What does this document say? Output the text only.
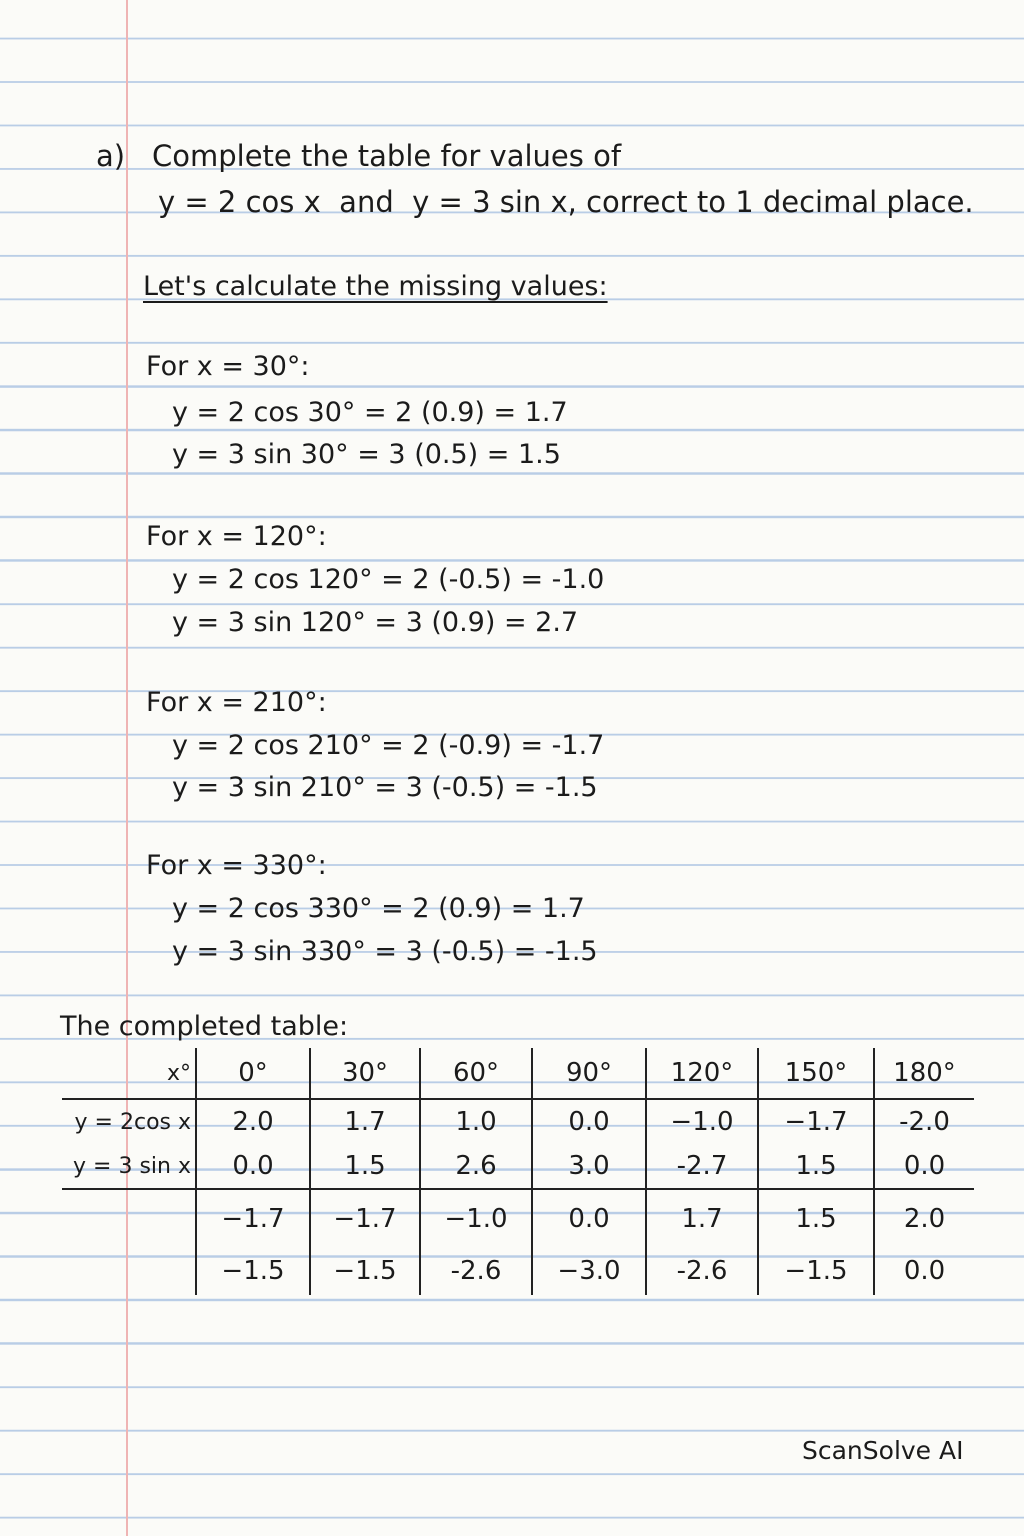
a) Complete the table for values of
y = 2 cos x  and  y = 3 sin x, correct to 1 decimal place.
Let's calculate the missing values:
For x = 30°:
y = 2 cos 30° = 2 (0.9) = 1.7
y = 3 sin 30° = 3 (0.5) = 1.5
For x = 120°:
y = 2 cos 120° = 2 (-0.5) = -1.0
y = 3 sin 120° = 3 (0.9) = 2.7
For x = 210°:
y = 2 cos 210° = 2 (-0.9) = -1.7
y = 3 sin 210° = 3 (-0.5) = -1.5
For x = 330°:
y = 2 cos 330° = 2 (0.9) = 1.7
y = 3 sin 330° = 3 (-0.5) = -1.5
The completed table:
x°	0°	30°	60°	90°	120°	150°	180°
y = 2cos x	2.0	1.7	1.0	0.0	−1.0	−1.7	-2.0
y = 3 sin x	0.0	1.5	2.6	3.0	-2.7	1.5	0.0
	−1.7	−1.7	−1.0	0.0	1.7	1.5	2.0
	−1.5	−1.5	-2.6	−3.0	-2.6	−1.5	0.0
ScanSolve AI
